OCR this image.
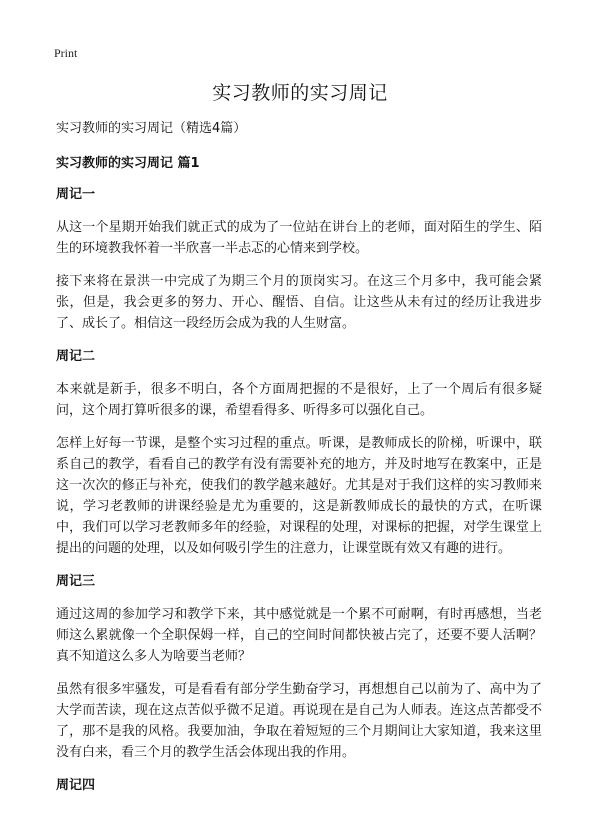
Print
实习教师的实习周记
实习教师的实习周记（精选4篇）
实习教师的实习周记 篇1
周记一

从这一个星期开始我们就正式的成为了一位站在讲台上的老师，面对陌生的学生、陌生的环境教我怀着一半欣喜一半忐忑的心情来到学校。

接下来将在景洪一中完成了为期三个月的顶岗实习。在这三个月多中，我可能会紧张，但是，我会更多的努力、开心、醒悟、自信。让这些从未有过的经历让我进步了、成长了。相信这一段经历会成为我的人生财富。

周记二

本来就是新手，很多不明白，各个方面周把握的不是很好，上了一个周后有很多疑问，这个周打算听很多的课，希望看得多、听得多可以强化自己。

怎样上好每一节课，是整个实习过程的重点。听课，是教师成长的阶梯，听课中，联系自己的教学，看看自己的教学有没有需要补充的地方，并及时地写在教案中，正是这一次次的修正与补充，使我们的教学越来越好。尤其是对于我们这样的实习教师来说，学习老教师的讲课经验是尤为重要的，这是新教师成长的最快的方式，在听课中，我们可以学习老教师多年的经验，对课程的处理，对课标的把握，对学生课堂上提出的问题的处理，以及如何吸引学生的注意力，让课堂既有效又有趣的进行。

周记三

通过这周的参加学习和教学下来，其中感觉就是一个累不可耐啊，有时再感想，当老师这么累就像一个全职保姆一样，自己的空间时间都快被占完了，还要不要人活啊？真不知道这么多人为啥要当老师？

虽然有很多牢骚发，可是看看有部分学生勤奋学习，再想想自己以前为了、高中为了大学而苦读，现在这点苦似乎微不足道。再说现在是自己为人师表。连这点苦都受不了，那不是我的风格。我要加油，争取在着短短的三个月期间让大家知道，我来这里没有白来，看三个月的教学生活会体现出我的作用。

周记四
